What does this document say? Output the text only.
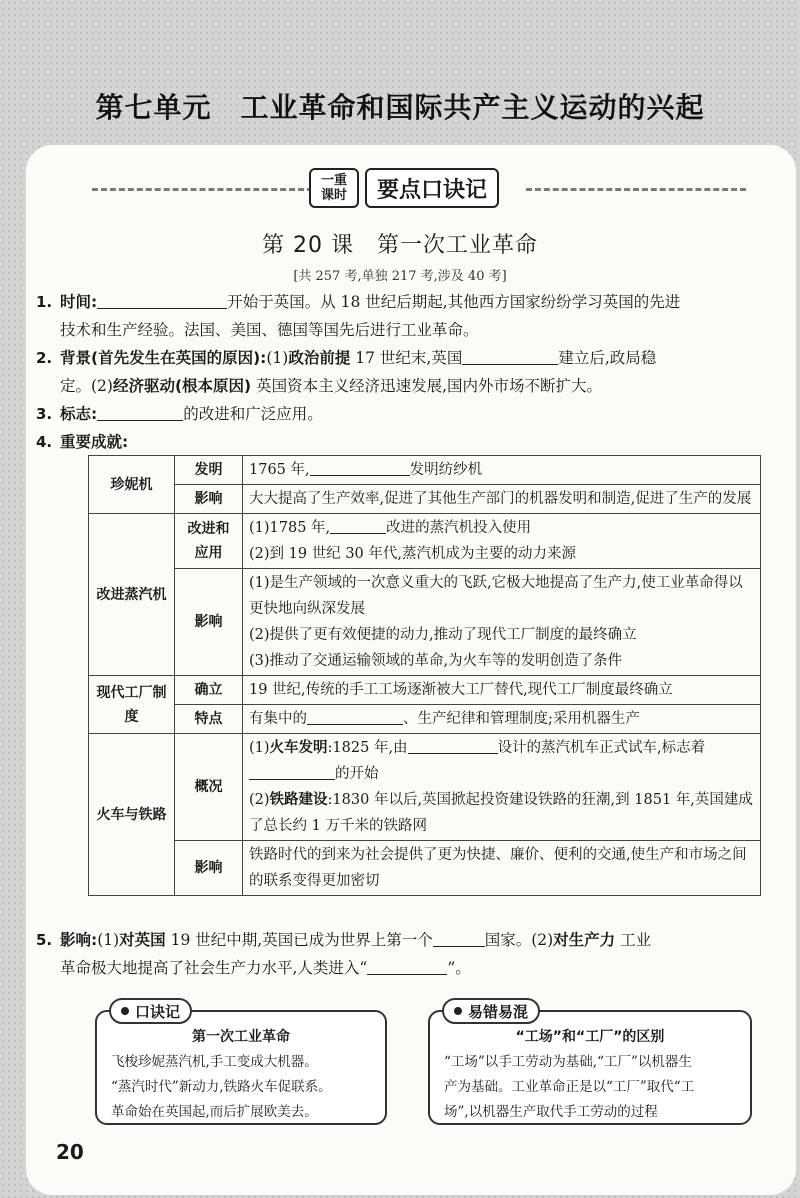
第七单元　工业革命和国际共产主义运动的兴起
一重
课时	要点口诀记
第 20 课　第一次工业革命
[共 257 考,单独 217 考,涉及 40 考]
1. 时间:	开始于英国。从 18 世纪后期起,其他西方国家纷纷学习英国的先进
技术和生产经验。法国、美国、德国等国先后进行工业革命。
2. 背景(首先发生在英国的原因):(1)政治前提 17 世纪末,英国	建立后,政局稳
定。(2)经济驱动(根本原因) 英国资本主义经济迅速发展,国内外市场不断扩大。
3. 标志:	的改进和广泛应用。
4. 重要成就:
珍妮机	发明	1765 年, 发明纺纱机
	影响	大大提高了生产效率,促进了其他生产部门的机器发明和制造,促进了生产的发展
改进蒸汽机	改进和应用	(1)1785 年, 改进的蒸汽机投入使用
(2)到 19 世纪 30 年代,蒸汽机成为主要的动力来源

	影响	(1)是生产领域的一次意义重大的飞跃,它极大地提高了生产力,使工业革命得以更快地向纵深发展
(2)提供了更有效便捷的动力,推动了现代工厂制度的最终确立
(3)推动了交通运输领域的革命,为火车等的发明创造了条件

现代工厂制度	确立	19 世纪,传统的手工工场逐渐被大工厂替代,现代工厂制度最终确立
	特点	有集中的 、生产纪律和管理制度;采用机器生产
火车与铁路	概况	(1)火车发明:1825 年,由 设计的蒸汽机车正式试车,标志着
的开始
(2)铁路建设:1830 年以后,英国掀起投资建设铁路的狂潮,到 1851 年,英国建成了总长约 1 万千米的铁路网

	影响	铁路时代的到来为社会提供了更为快捷、廉价、便利的交通,使生产和市场之间的联系变得更加密切
5. 影响:(1)对英国 19 世纪中期,英国已成为世界上第一个	国家。(2)对生产力 工业
革命极大地提高了社会生产力水平,人类进入“	”。
口诀记
第一次工业革命
飞梭珍妮蒸汽机,手工变成大机器。
“蒸汽时代”新动力,铁路火车促联系。
革命始在英国起,而后扩展欧美去。
易错易混
“工场”和“工厂”的区别
“工场”以手工劳动为基础,“工厂”以机器生
产为基础。工业革命正是以“工厂”取代“工
场”,以机器生产取代手工劳动的过程
20
